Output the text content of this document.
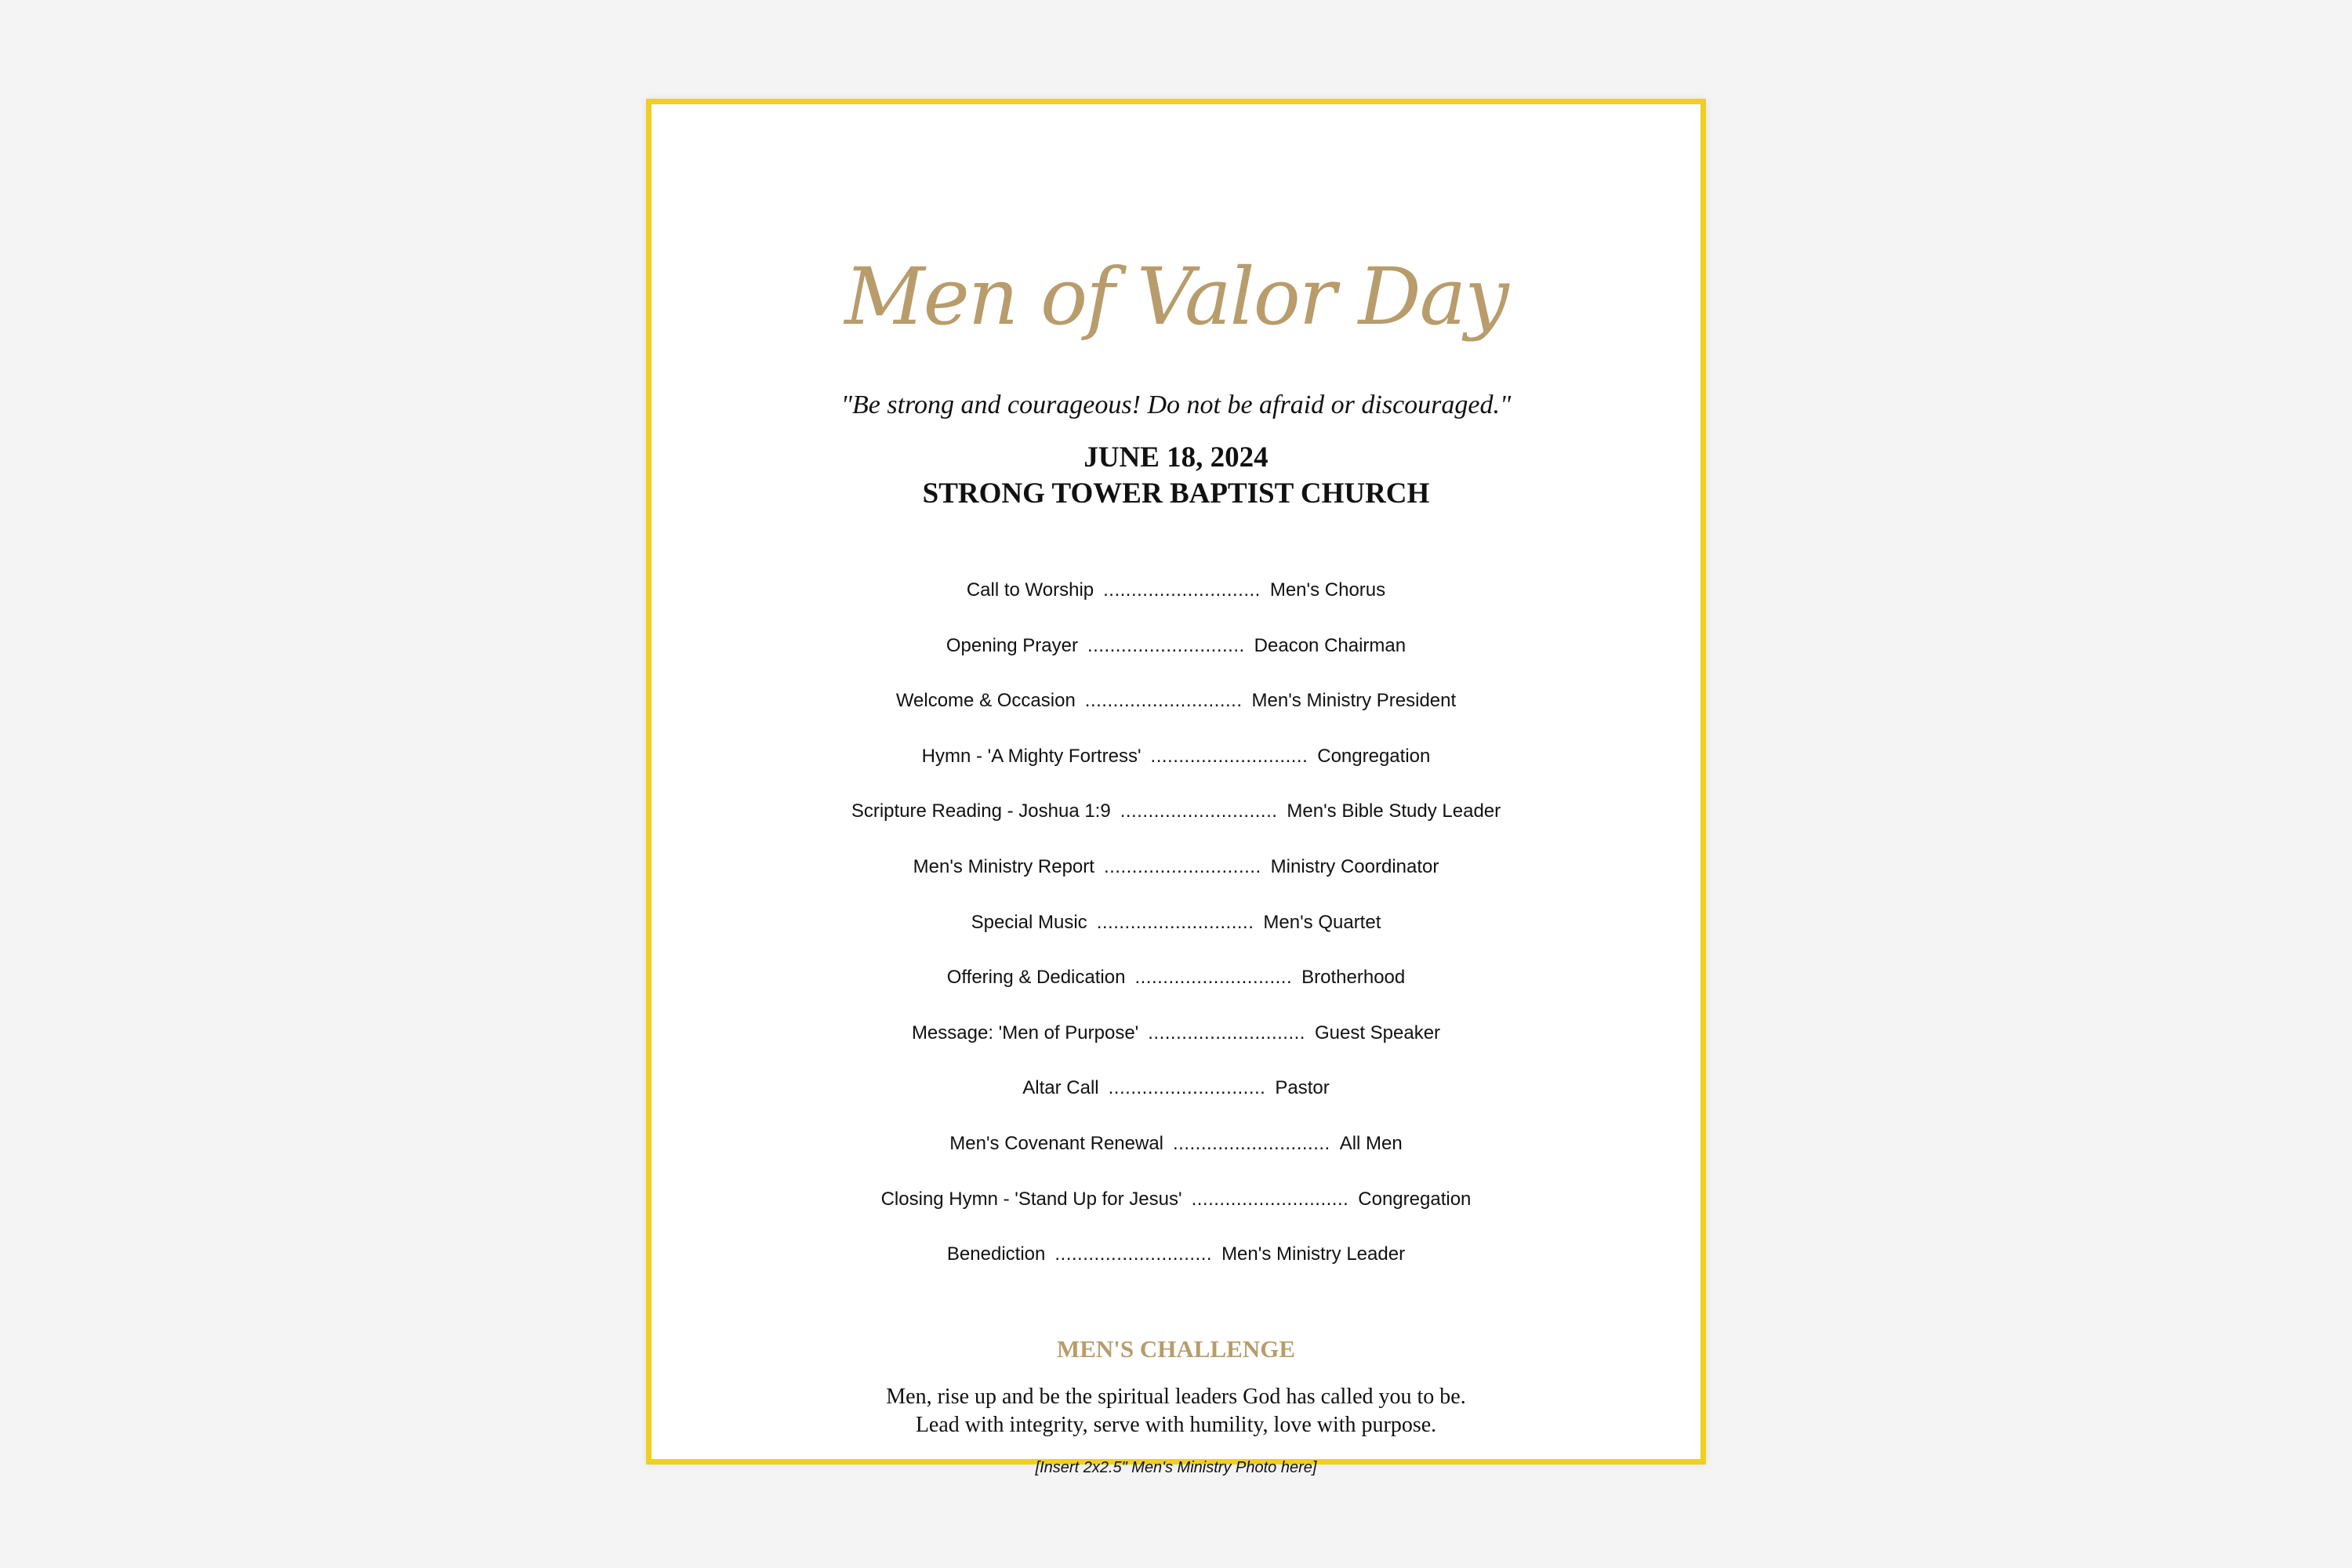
Men of Valor Day
"Be strong and courageous! Do not be afraid or discouraged."
JUNE 18, 2024
STRONG TOWER BAPTIST CHURCH
Call to Worship ............................ Men's Chorus
Opening Prayer ............................ Deacon Chairman
Welcome & Occasion ............................ Men's Ministry President
Hymn - 'A Mighty Fortress' ............................ Congregation
Scripture Reading - Joshua 1:9 ............................ Men's Bible Study Leader
Men's Ministry Report ............................ Ministry Coordinator
Special Music ............................ Men's Quartet
Offering & Dedication ............................ Brotherhood
Message: 'Men of Purpose' ............................ Guest Speaker
Altar Call ............................ Pastor
Men's Covenant Renewal ............................ All Men
Closing Hymn - 'Stand Up for Jesus' ............................ Congregation
Benediction ............................ Men's Ministry Leader
MEN'S CHALLENGE
Men, rise up and be the spiritual leaders God has called you to be.
Lead with integrity, serve with humility, love with purpose.
[Insert 2x2.5" Men's Ministry Photo here]
